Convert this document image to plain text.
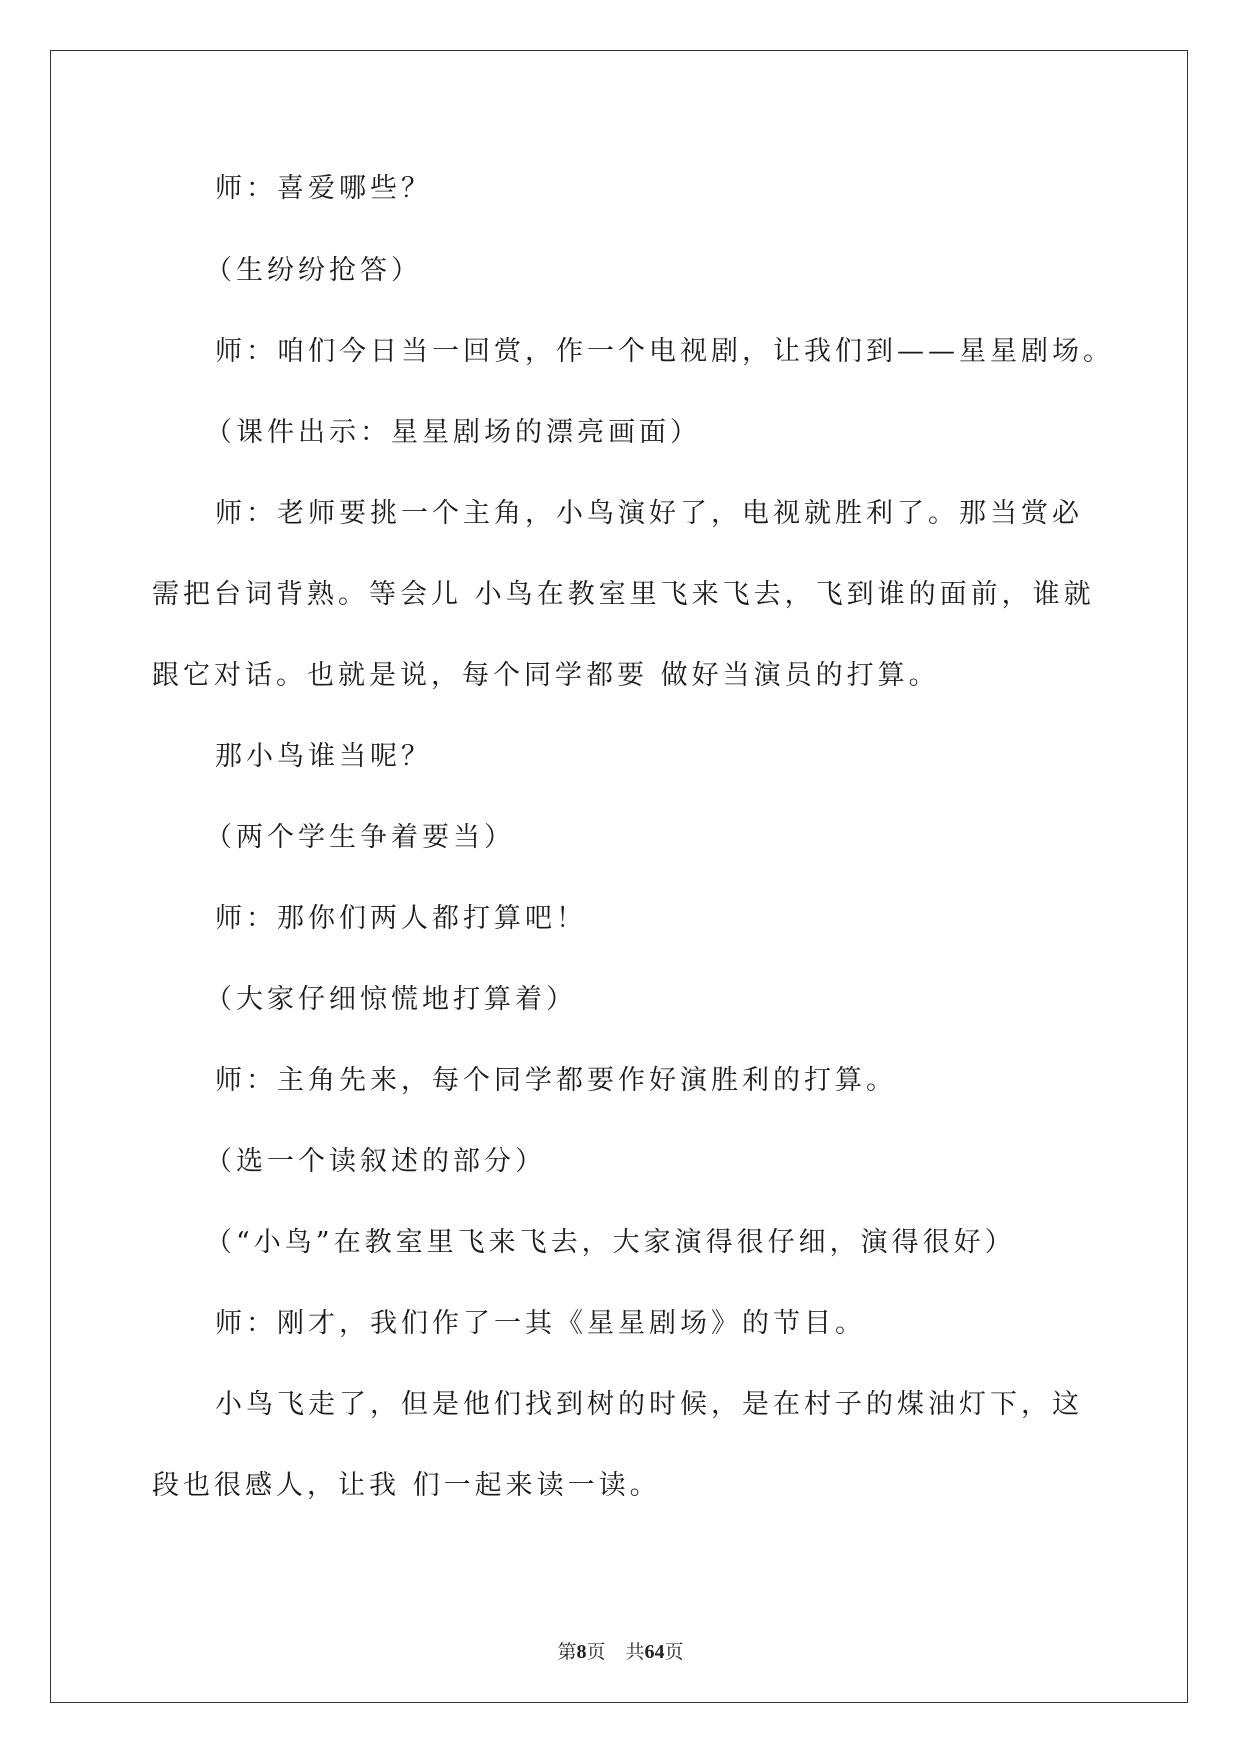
师：喜爱哪些？

（生纷纷抢答）

师：咱们今日当一回赏，作一个电视剧，让我们到——星星剧场。

（课件出示：星星剧场的漂亮画面）

师：老师要挑一个主角，小鸟演好了，电视就胜利了。那当赏必

需把台词背熟。等会儿 小鸟在教室里飞来飞去，飞到谁的面前，谁就

跟它对话。也就是说，每个同学都要 做好当演员的打算。

那小鸟谁当呢？

（两个学生争着要当）

师：那你们两人都打算吧！

（大家仔细惊慌地打算着）

师：主角先来，每个同学都要作好演胜利的打算。

（选一个读叙述的部分）

（“小鸟”在教室里飞来飞去，大家演得很仔细，演得很好）

师：刚才，我们作了一其《星星剧场》的节目。

小鸟飞走了，但是他们找到树的时候，是在村子的煤油灯下，这

段也很感人，让我 们一起来读一读。

第8页 共64页
